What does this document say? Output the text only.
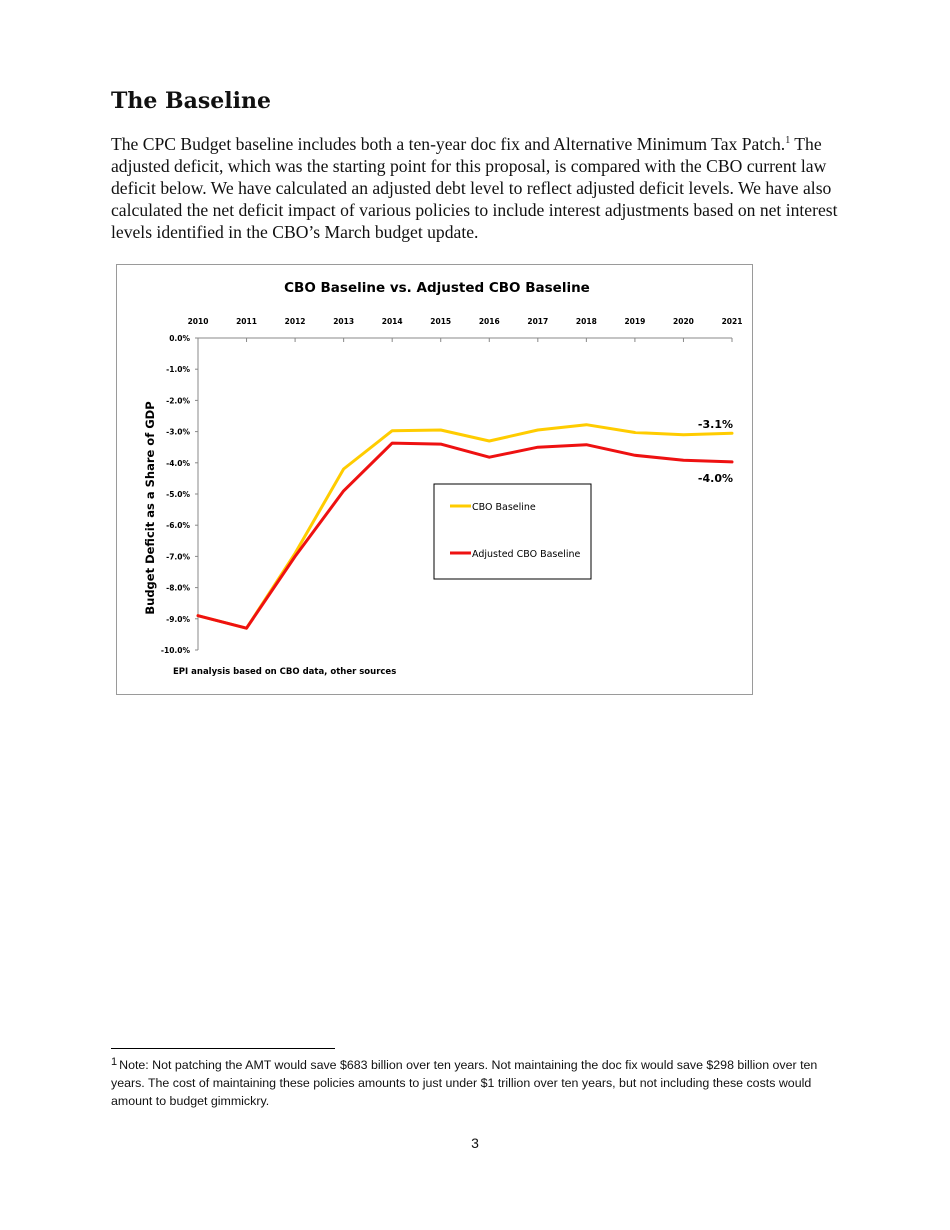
The Baseline

The CPC Budget baseline includes both a ten-year doc fix and Alternative Minimum Tax Patch.$^1$ The adjusted deficit, which was the starting point for this proposal, is compared with the CBO current law deficit below. We have calculated an adjusted debt level to reflect adjusted deficit levels. We have also calculated the net deficit impact of various policies to include interest adjustments based on net interest levels identified in the CBO’s March budget update.

CBO Baseline vs. Adjusted CBO Baseline
Budget Deficit as a Share of GDP
0.0%
-1.0%
-2.0%
-3.0%
-4.0%
-5.0%
-6.0%
-7.0%
-8.0%
-9.0%
-10.0%
2010	2011	2012	2013	2014	2015	2016	2017	2018	2019	2020	2021
-3.1%
-4.0%
CBO Baseline
Adjusted CBO Baseline
EPI analysis based on CBO data, other sources

$^1$ Note: Not patching the AMT would save $683 billion over ten years. Not maintaining the doc fix would save $298 billion over ten years. The cost of maintaining these policies amounts to just under $1 trillion over ten years, but not including these costs would amount to budget gimmickry.

3
